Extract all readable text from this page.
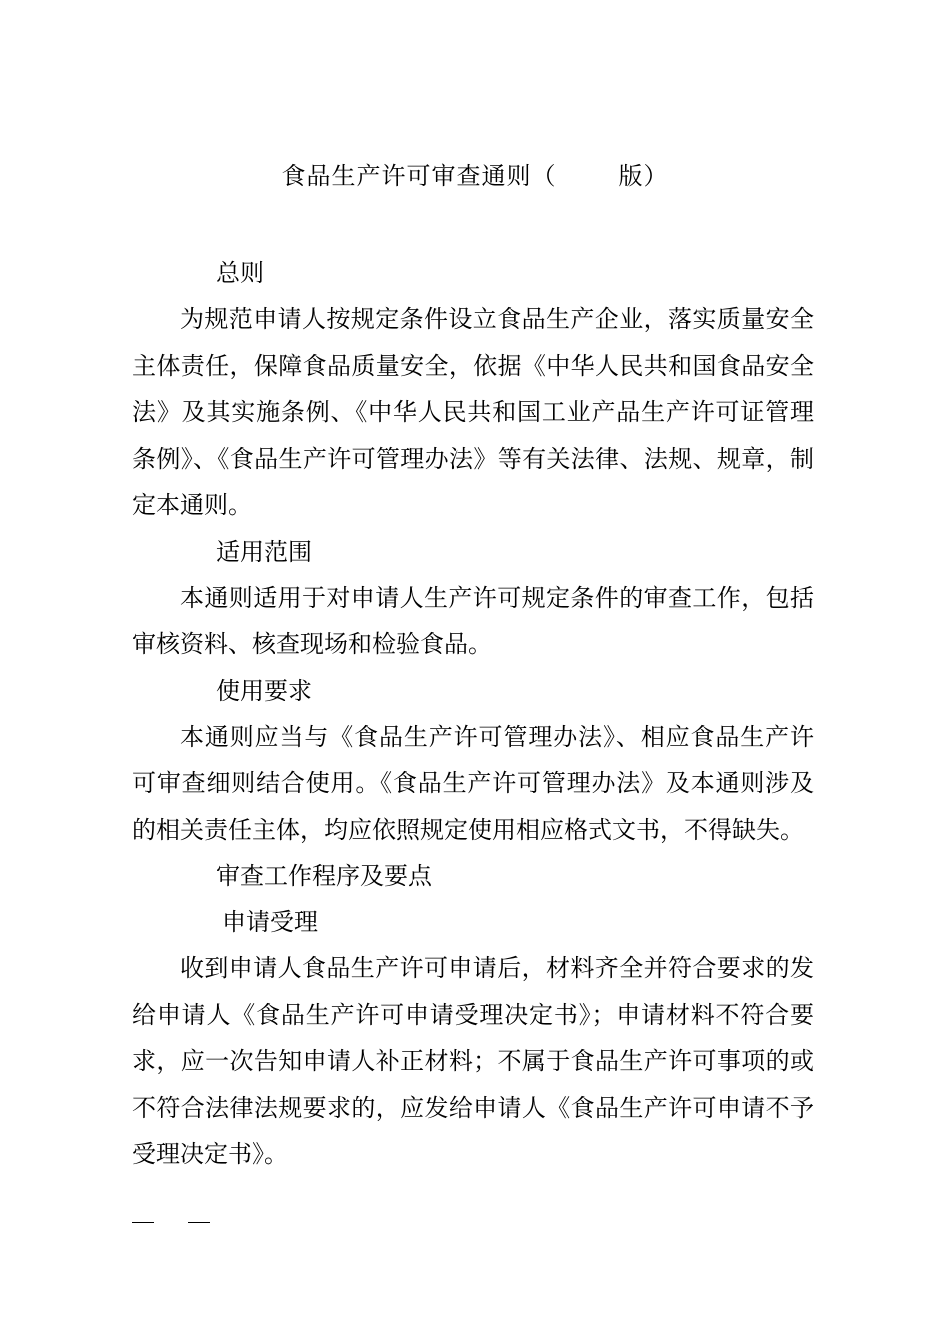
食品生产许可审查通则（	版）

总则

为规范申请人按规定条件设立食品生产企业，落实质量安全主体责任，保障食品质量安全，依据《中华人民共和国食品安全法》及其实施条例、《中华人民共和国工业产品生产许可证管理条例》、《食品生产许可管理办法》等有关法律、法规、规章，制定本通则。

适用范围

本通则适用于对申请人生产许可规定条件的审查工作，包括审核资料、核查现场和检验食品。

使用要求

本通则应当与《食品生产许可管理办法》、相应食品生产许可审查细则结合使用。《食品生产许可管理办法》及本通则涉及的相关责任主体，均应依照规定使用相应格式文书，不得缺失。

审查工作程序及要点

申请受理

收到申请人食品生产许可申请后，材料齐全并符合要求的发给申请人《食品生产许可申请受理决定书》；申请材料不符合要求，应一次告知申请人补正材料；不属于食品生产许可事项的或不符合法律法规要求的，应发给申请人《食品生产许可申请不予受理决定书》。
